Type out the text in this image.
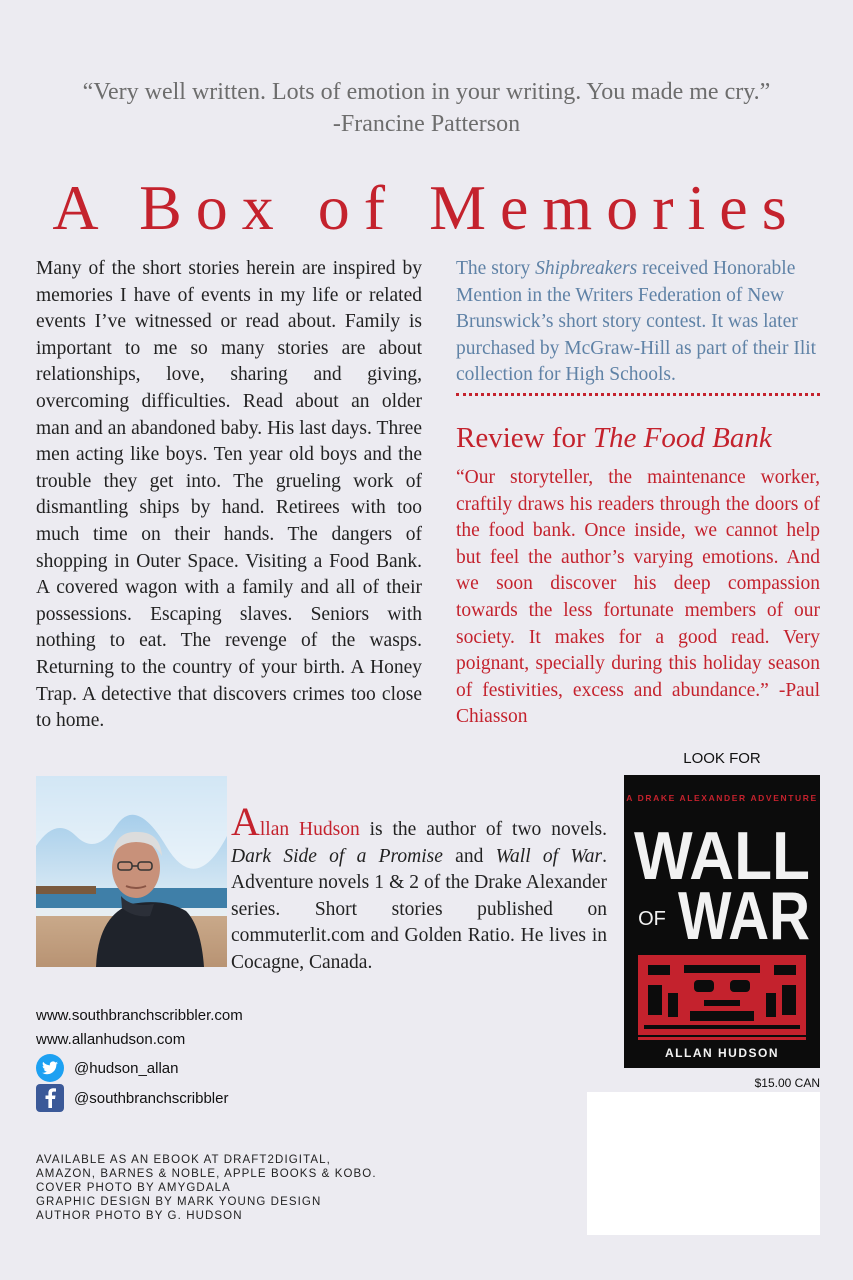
“Very well written. Lots of emotion in your writing. You made me cry.”
-Francine Patterson
A Box of Memories
Many of the short stories herein are inspired by memories I have of events in my life or related events I’ve witnessed or read about. Family is important to me so many stories are about relationships, love, sharing and giving, overcoming difficulties. Read about an older man and an abandoned baby. His last days. Three men acting like boys. Ten year old boys and the trouble they get into. The grueling work of dismantling ships by hand. Retirees with too much time on their hands. The dangers of shopping in Outer Space. Visiting a Food Bank. A covered wagon with a family and all of their possessions. Escaping slaves. Seniors with nothing to eat. The revenge of the wasps. Returning to the country of your birth. A Honey Trap. A detective that discovers crimes too close to home.
The story Shipbreakers received Honorable Mention in the Writers Federation of New Brunswick’s short story contest. It was later purchased by McGraw-Hill as part of their Ilit collection for High Schools.
Review for The Food Bank
“Our storyteller, the maintenance worker, craftily draws his readers through the doors of the food bank. Once inside, we cannot help but feel the author’s varying emotions. And we soon discover his deep compassion towards the less fortunate members of our society. It makes for a good read. Very poignant, specially during this holiday season of festivities, excess and abundance.” -Paul Chiasson
Allan Hudson is the author of two novels. Dark Side of a Promise and Wall of War. Adventure novels 1 & 2 of the Drake Alexander series. Short stories published on commuterlit.com and Golden Ratio. He lives in Cocagne, Canada.
LOOK FOR
A DRAKE ALEXANDER ADVENTURE
WALL
OF WAR
ALLAN HUDSON
$15.00 CAN
www.southbranchscribbler.com
www.allanhudson.com
@hudson_allan
@southbranchscribbler
AVAILABLE AS AN EBOOK AT DRAFT2DIGITAL,
AMAZON, BARNES & NOBLE, APPLE BOOKS & KOBO.
COVER PHOTO BY AMYGDALA
GRAPHIC DESIGN BY MARK YOUNG DESIGN
AUTHOR PHOTO BY G. HUDSON
